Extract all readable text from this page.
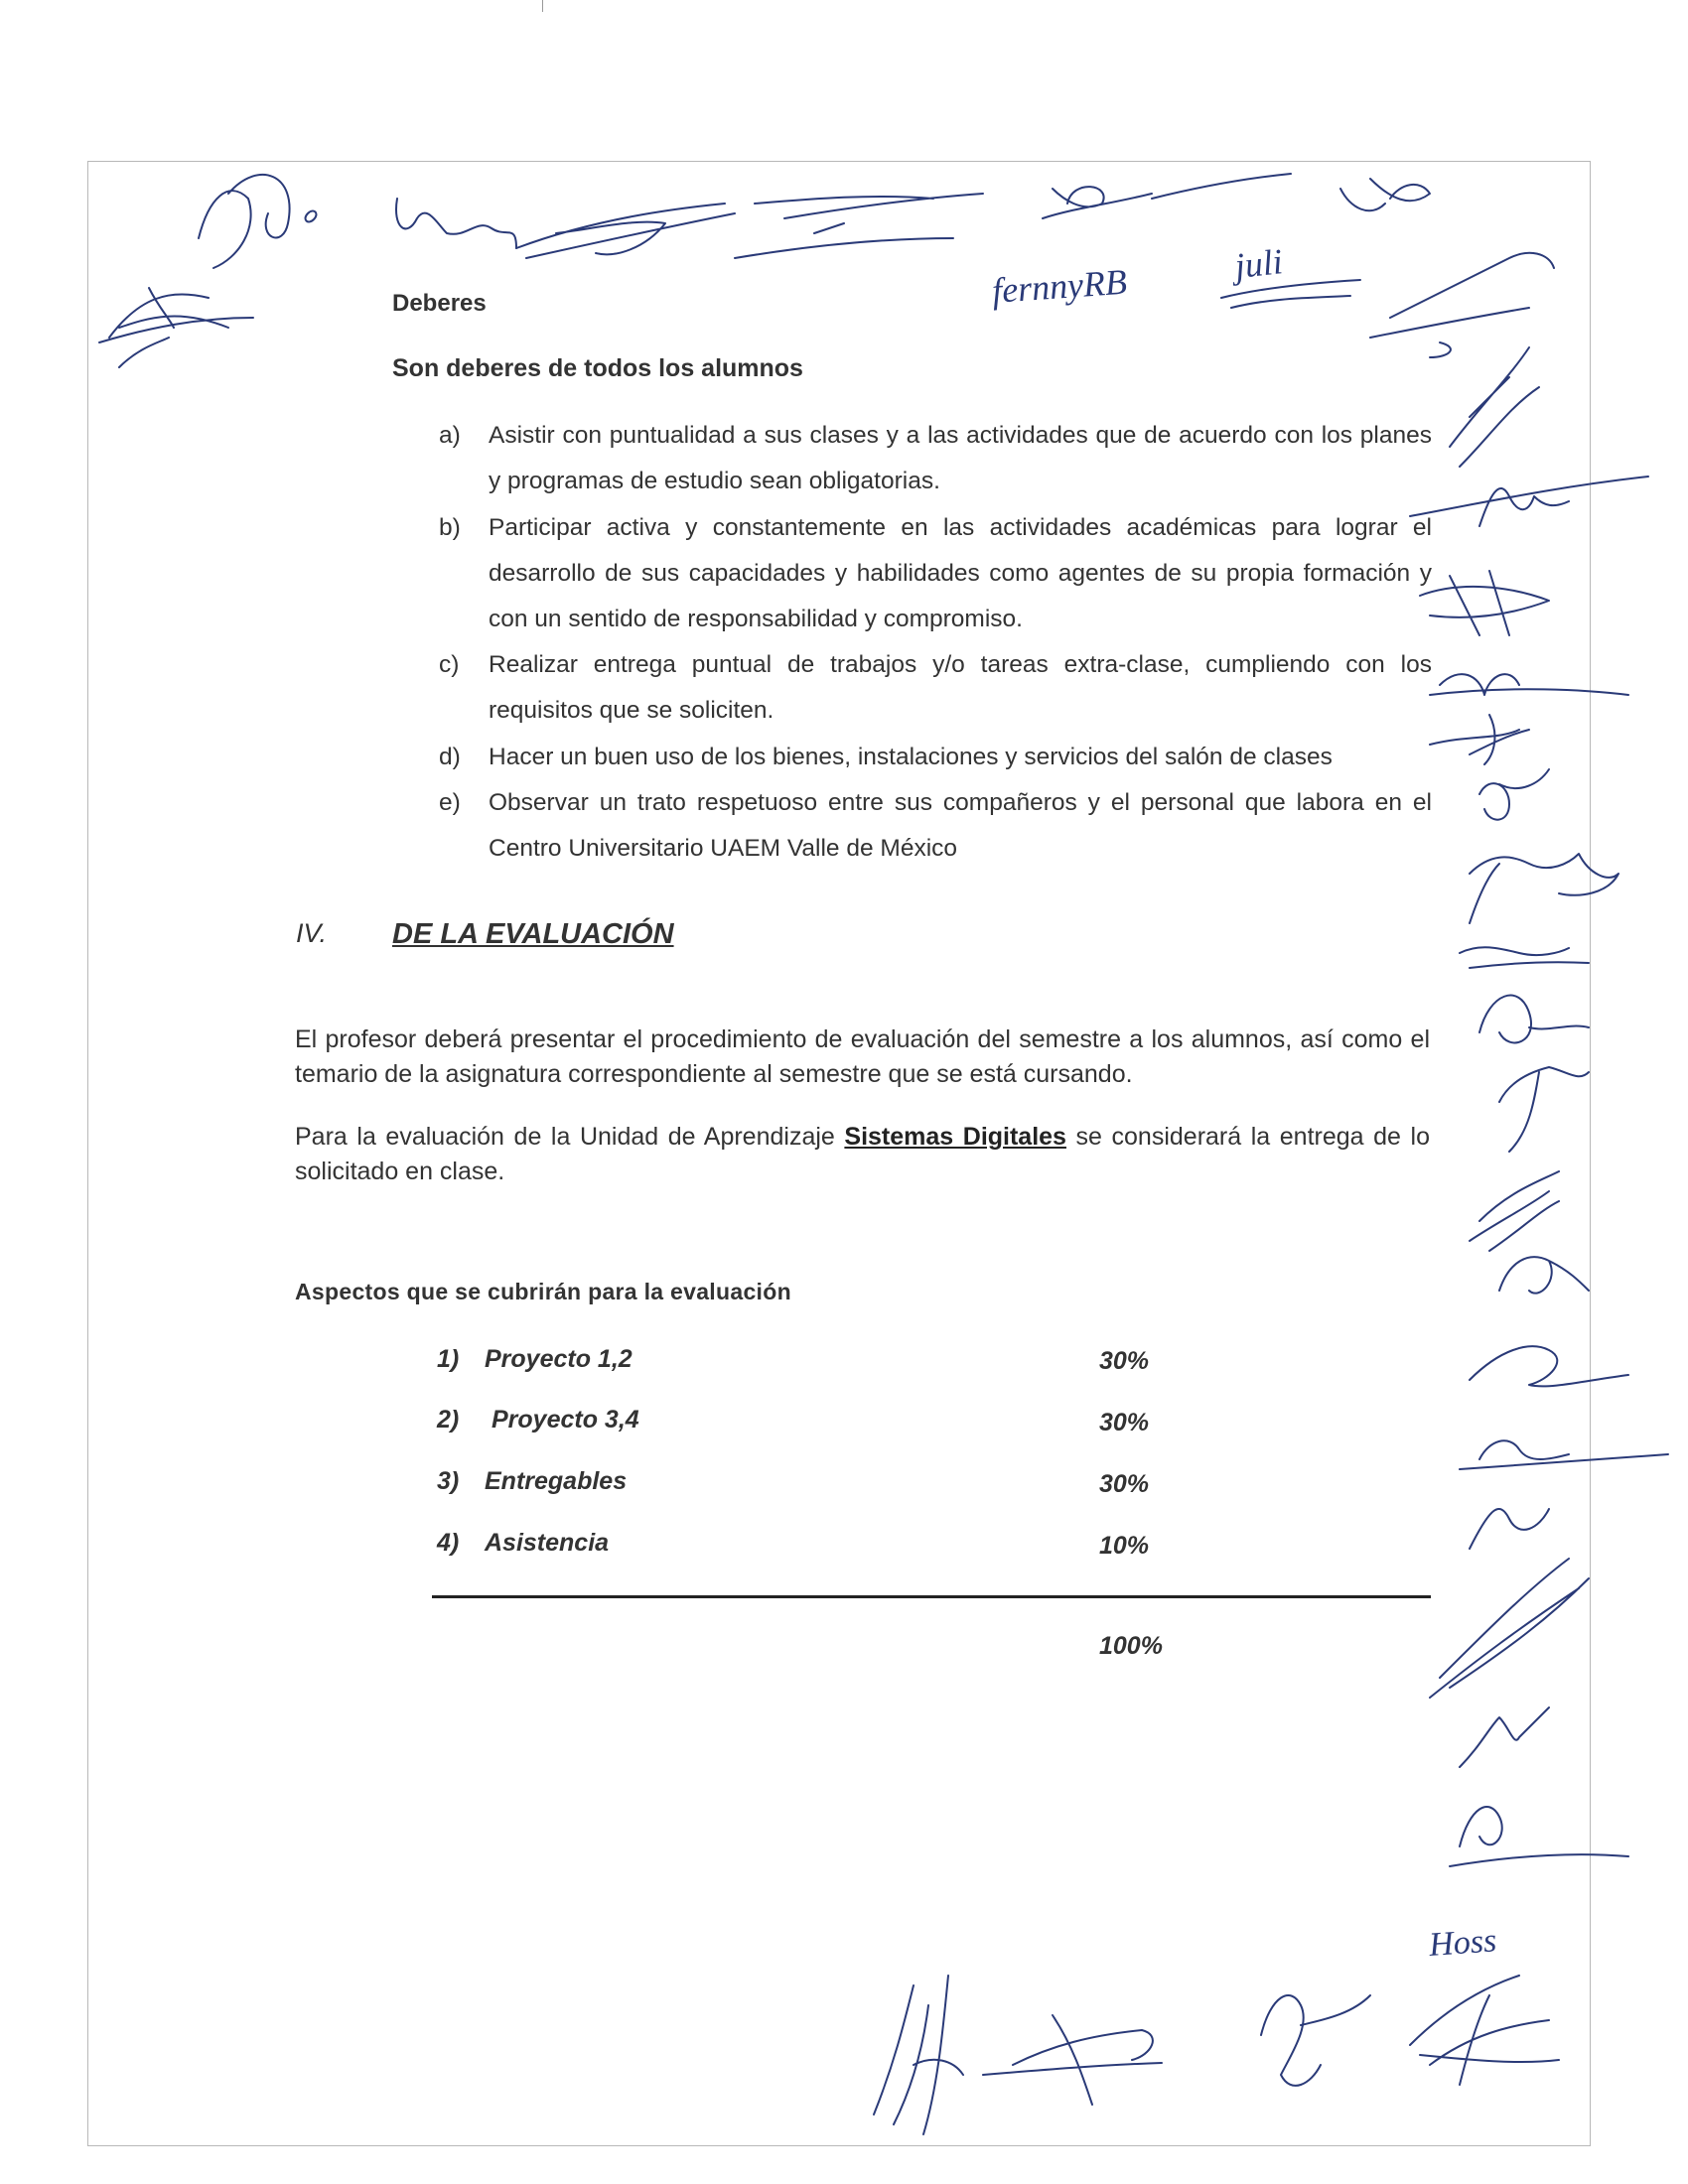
fernnyRB	juli
Hoss
Deberes
Son deberes de todos los alumnos
a)	Asistir con puntualidad a sus clases y a las actividades que de acuerdo con los planes y programas de estudio sean obligatorias.
b)	Participar activa y constantemente en las actividades académicas para lograr el desarrollo de sus capacidades y habilidades como agentes de su propia formación y con un sentido de responsabilidad y compromiso.
c)	Realizar entrega puntual de trabajos y/o tareas extra-clase, cumpliendo con los requisitos que se soliciten.
d)	Hacer un buen uso de los bienes, instalaciones y servicios del salón de clases
e)	Observar un trato respetuoso entre sus compañeros y el personal que labora en el Centro Universitario UAEM Valle de México
IV. DE LA EVALUACIÓN
El profesor deberá presentar el procedimiento de evaluación del semestre a los alumnos, así como el temario de la asignatura correspondiente al semestre que se está cursando.
Para la evaluación de la Unidad de Aprendizaje Sistemas Digitales se considerará la entrega de lo solicitado en clase.
Aspectos que se cubrirán para la evaluación
1) Proyecto 1,2	30%
2) Proyecto 3,4	30%
3) Entregables	30%
4) Asistencia	10%
100%
